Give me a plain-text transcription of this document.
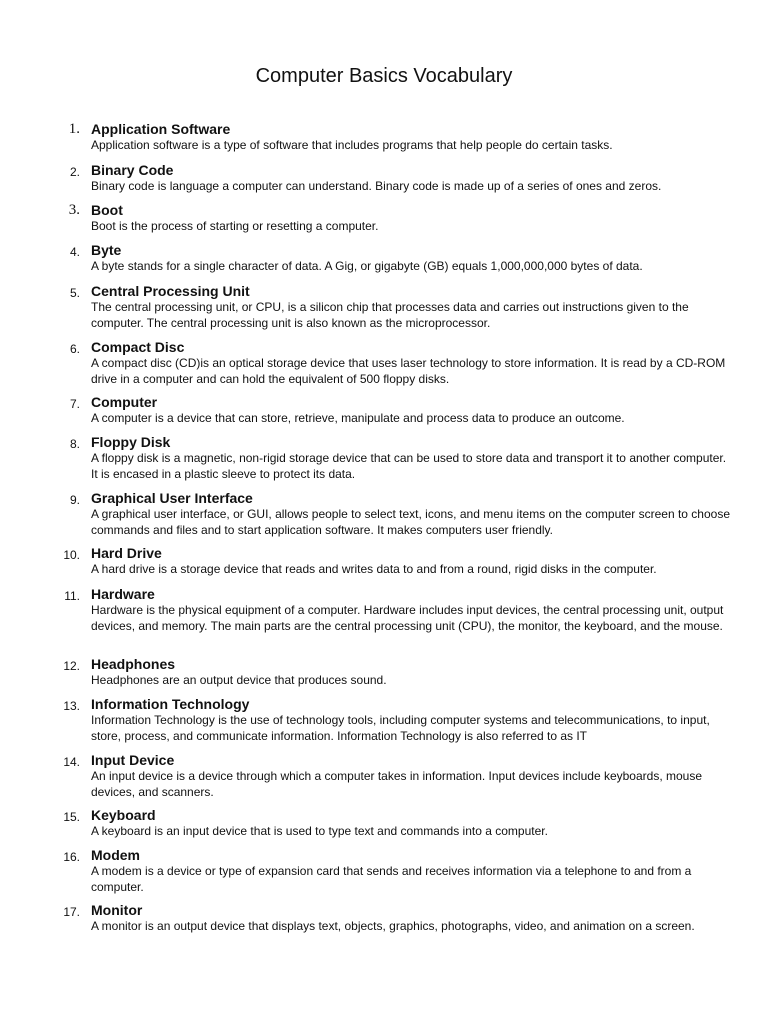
Computer Basics Vocabulary
1. Application Software

Application software is a type of software that includes programs that help people do certain tasks.

2. Binary Code

Binary code is language a computer can understand. Binary code is made up of a series of ones and zeros.

3. Boot

Boot is the process of starting or resetting a computer.

4. Byte

A byte stands for a single character of data. A Gig, or gigabyte (GB) equals 1,000,000,000 bytes of data.

5. Central Processing Unit

The central processing unit, or CPU, is a silicon chip that processes data and carries out instructions given to the computer. The central processing unit is also known as the microprocessor.

6. Compact Disc

A compact disc (CD)is an optical storage device that uses laser technology to store information. It is read by a CD-ROM drive in a computer and can hold the equivalent of 500 floppy disks.

7. Computer

A computer is a device that can store, retrieve, manipulate and process data to produce an outcome.

8. Floppy Disk

A floppy disk is a magnetic, non-rigid storage device that can be used to store data and transport it to another computer. It is encased in a plastic sleeve to protect its data.

9. Graphical User Interface

A graphical user interface, or GUI, allows people to select text, icons, and menu items on the computer screen to choose commands and files and to start application software. It makes computers user friendly.

10. Hard Drive

A hard drive is a storage device that reads and writes data to and from a round, rigid disks in the computer.

11. Hardware

Hardware is the physical equipment of a computer. Hardware includes input devices, the central processing unit, output devices, and memory. The main parts are the central processing unit (CPU), the monitor, the keyboard, and the mouse.

12. Headphones

Headphones are an output device that produces sound.

13. Information Technology

Information Technology is the use of technology tools, including computer systems and telecommunications, to input, store, process, and communicate information. Information Technology is also referred to as IT

14. Input Device

An input device is a device through which a computer takes in information. Input devices include keyboards, mouse devices, and scanners.

15. Keyboard

A keyboard is an input device that is used to type text and commands into a computer.

16. Modem

A modem is a device or type of expansion card that sends and receives information via a telephone to and from a computer.

17. Monitor

A monitor is an output device that displays text, objects, graphics, photographs, video, and animation on a screen.
